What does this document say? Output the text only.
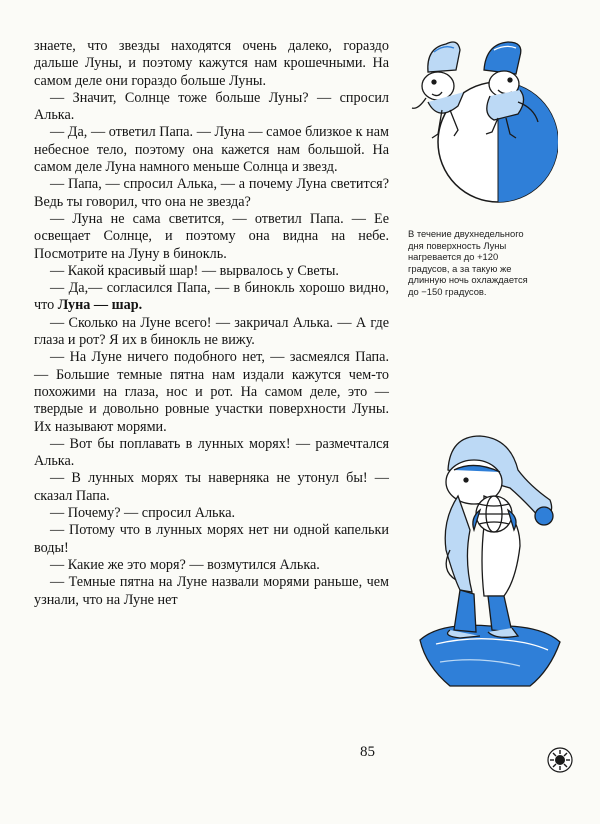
знаете, что звезды находятся очень далеко, гораздо дальше Луны, и поэтому кажутся нам крошечными. На самом деле они гораздо больше Луны.

— Значит, Солнце тоже больше Луны? — спросил Алька.

— Да, — ответил Папа. — Луна — самое близкое к нам небесное тело, поэтому она кажется нам большой. На самом деле Луна намного меньше Солнца и звезд.

— Папа, — спросил Алька, — а почему Луна светится? Ведь ты говорил, что она не звезда?

— Луна не сама светится, — ответил Папа. — Ее освещает Солнце, и поэтому она видна на небе. Посмотрите на Луну в бинокль.

— Какой красивый шар! — вырвалось у Светы.

— Да,— согласился Папа, — в бинокль хорошо видно, что Луна — шар.

— Сколько на Луне всего! — закричал Алька. — А где глаза и рот? Я их в бинокль не вижу.

— На Луне ничего подобного нет, — засмеялся Папа. — Большие темные пятна нам издали кажутся чем-то похожими на глаза, нос и рот. На самом деле, это — твердые и довольно ровные участки поверхности Луны. Их называют морями.

— Вот бы поплавать в лунных морях! — размечтался Алька.

— В лунных морях ты наверняка не утонул бы! — сказал Папа.

— Почему? — спросил Алька.

— Потому что в лунных морях нет ни одной капельки воды!

— Какие же это моря? — возмутился Алька.

— Темные пятна на Луне назвали морями раньше, чем узнали, что на Луне нет

В течение двухнедельного

дня поверхность Луны

нагревается до +120

градусов, а за такую же

длинную ночь охлаждается

до −150 градусов.

85
